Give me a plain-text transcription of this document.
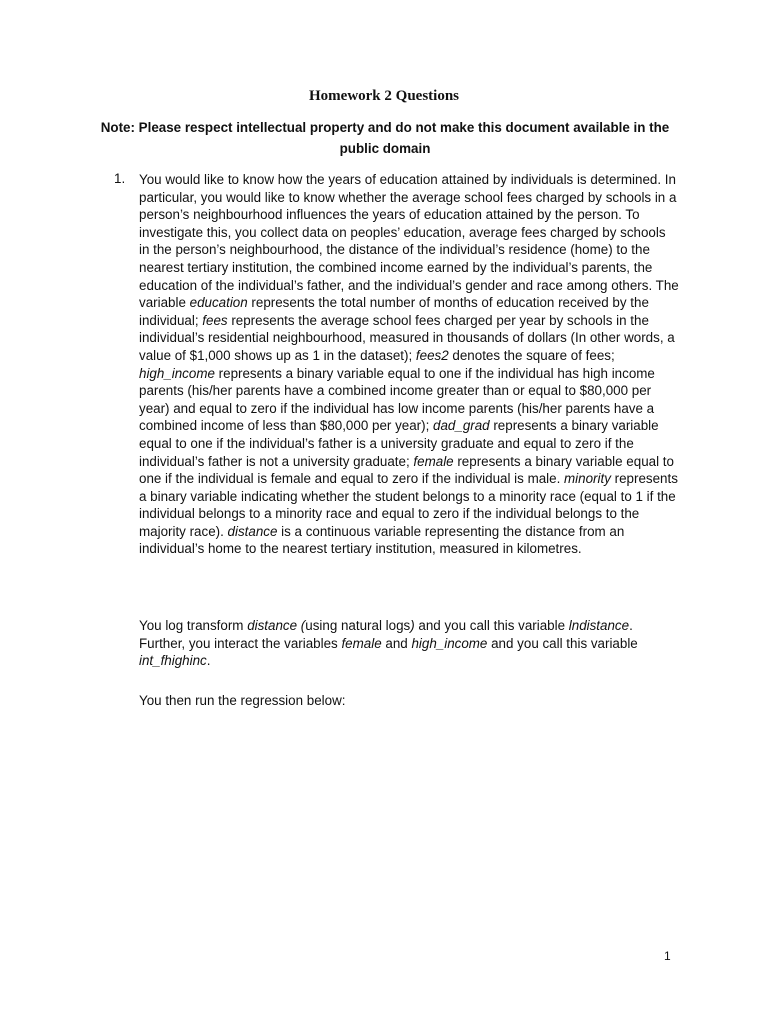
Homework 2 Questions
Note: Please respect intellectual property and do not make this document available in the public domain
1. You would like to know how the years of education attained by individuals is determined. In particular, you would like to know whether the average school fees charged by schools in a person’s neighbourhood influences the years of education attained by the person. To investigate this, you collect data on peoples’ education, average fees charged by schools in the person’s neighbourhood, the distance of the individual’s residence (home) to the nearest tertiary institution, the combined income earned by the individual’s parents, the education of the individual’s father, and the individual’s gender and race among others. The variable education represents the total number of months of education received by the individual; fees represents the average school fees charged per year by schools in the individual’s residential neighbourhood, measured in thousands of dollars (In other words, a value of $1,000 shows up as 1 in the dataset); fees2 denotes the square of fees; high_income represents a binary variable equal to one if the individual has high income parents (his/her parents have a combined income greater than or equal to $80,000 per year) and equal to zero if the individual has low income parents (his/her parents have a combined income of less than $80,000 per year); dad_grad represents a binary variable equal to one if the individual’s father is a university graduate and equal to zero if the individual’s father is not a university graduate; female represents a binary variable equal to one if the individual is female and equal to zero if the individual is male. minority represents a binary variable indicating whether the student belongs to a minority race (equal to 1 if the individual belongs to a minority race and equal to zero if the individual belongs to the majority race). distance is a continuous variable representing the distance from an individual’s home to the nearest tertiary institution, measured in kilometres.
You log transform distance (using natural logs) and you call this variable lndistance. Further, you interact the variables female and high_income and you call this variable int_fhighinc.
You then run the regression below:
1
